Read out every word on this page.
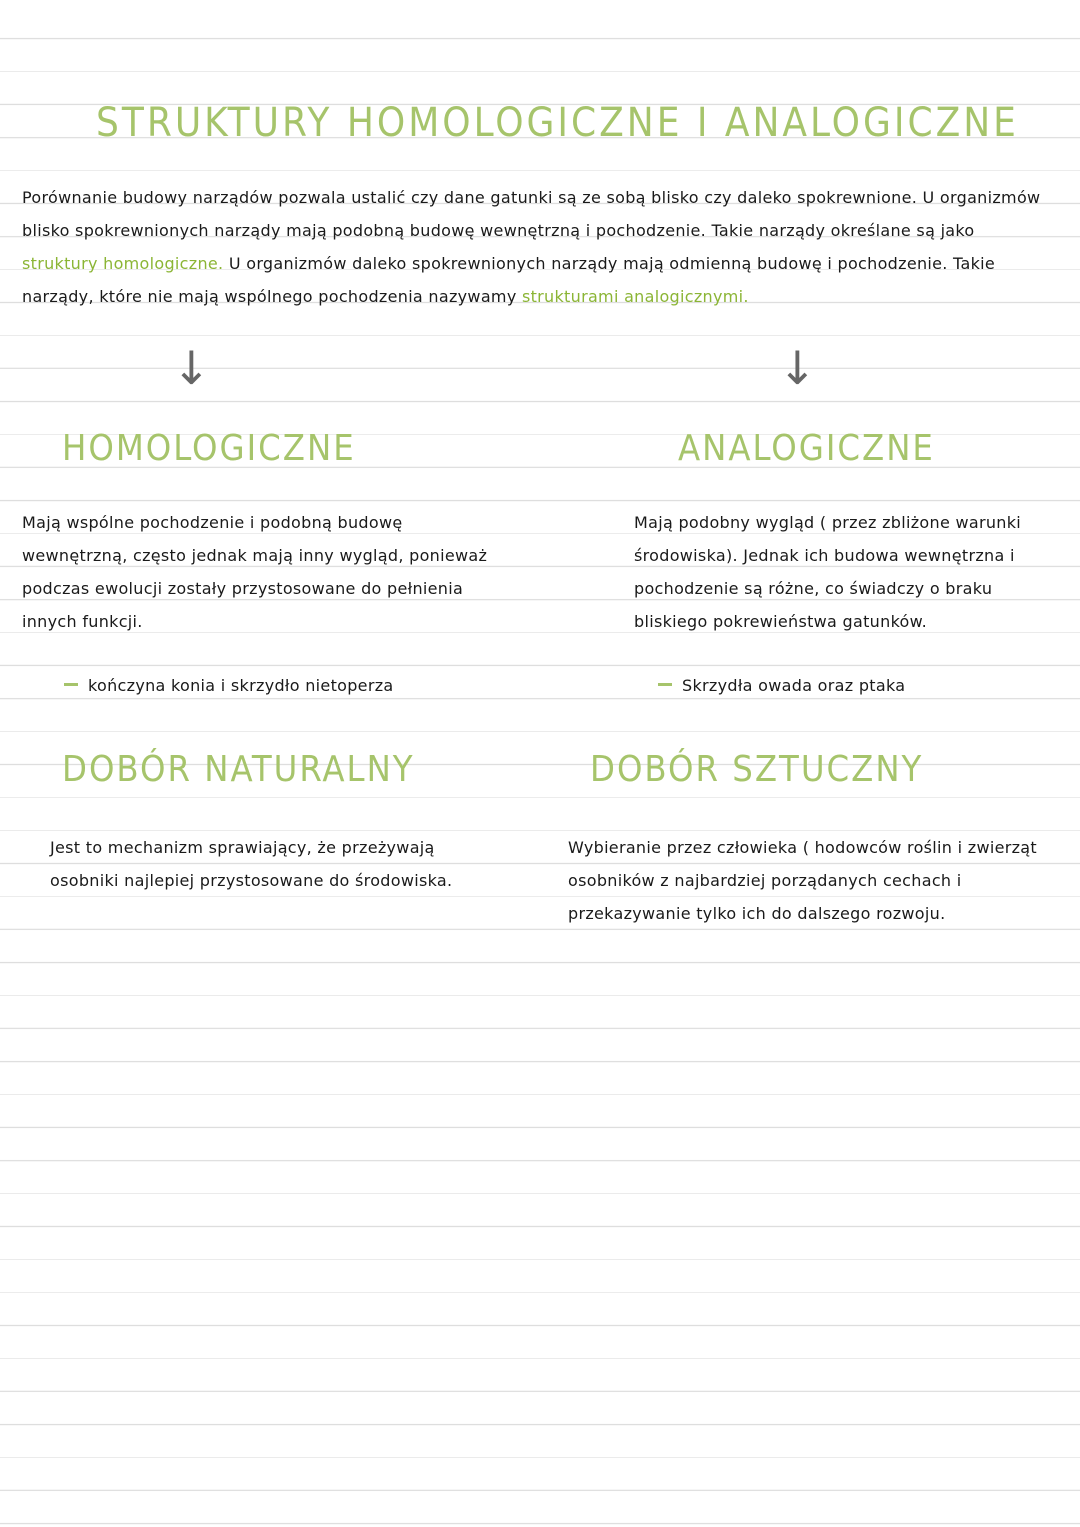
STRUKTURY HOMOLOGICZNE I ANALOGICZNE
Porównanie budowy narządów pozwala ustalić czy dane gatunki są ze sobą blisko czy daleko spokrewnione. U organizmów blisko spokrewnionych narządy mają podobną budowę wewnętrzną i pochodzenie. Takie narządy określane są jako struktury homologiczne. U organizmów daleko spokrewnionych narządy mają odmienną budowę i pochodzenie. Takie narządy, które nie mają wspólnego pochodzenia nazywamy strukturami analogicznymi.
↓	↓
HOMOLOGICZNE	ANALOGICZNE
Mają wspólne pochodzenie i podobną budowę wewnętrzną, często jednak mają inny wygląd, ponieważ podczas ewolucji zostały przystosowane do pełnienia innych funkcji.
Mają podobny wygląd ( przez zbliżone warunki środowiska). Jednak ich budowa wewnętrzna i pochodzenie są różne, co świadczy o braku bliskiego pokrewieństwa gatunków.
kończyna konia i skrzydło nietoperza	Skrzydła owada oraz ptaka
DOBÓR NATURALNY	DOBÓR SZTUCZNY
Jest to mechanizm sprawiający, że przeżywają osobniki najlepiej przystosowane do środowiska.
Wybieranie przez człowieka ( hodowców roślin i zwierząt osobników z najbardziej porządanych cechach i przekazywanie tylko ich do dalszego rozwoju.
